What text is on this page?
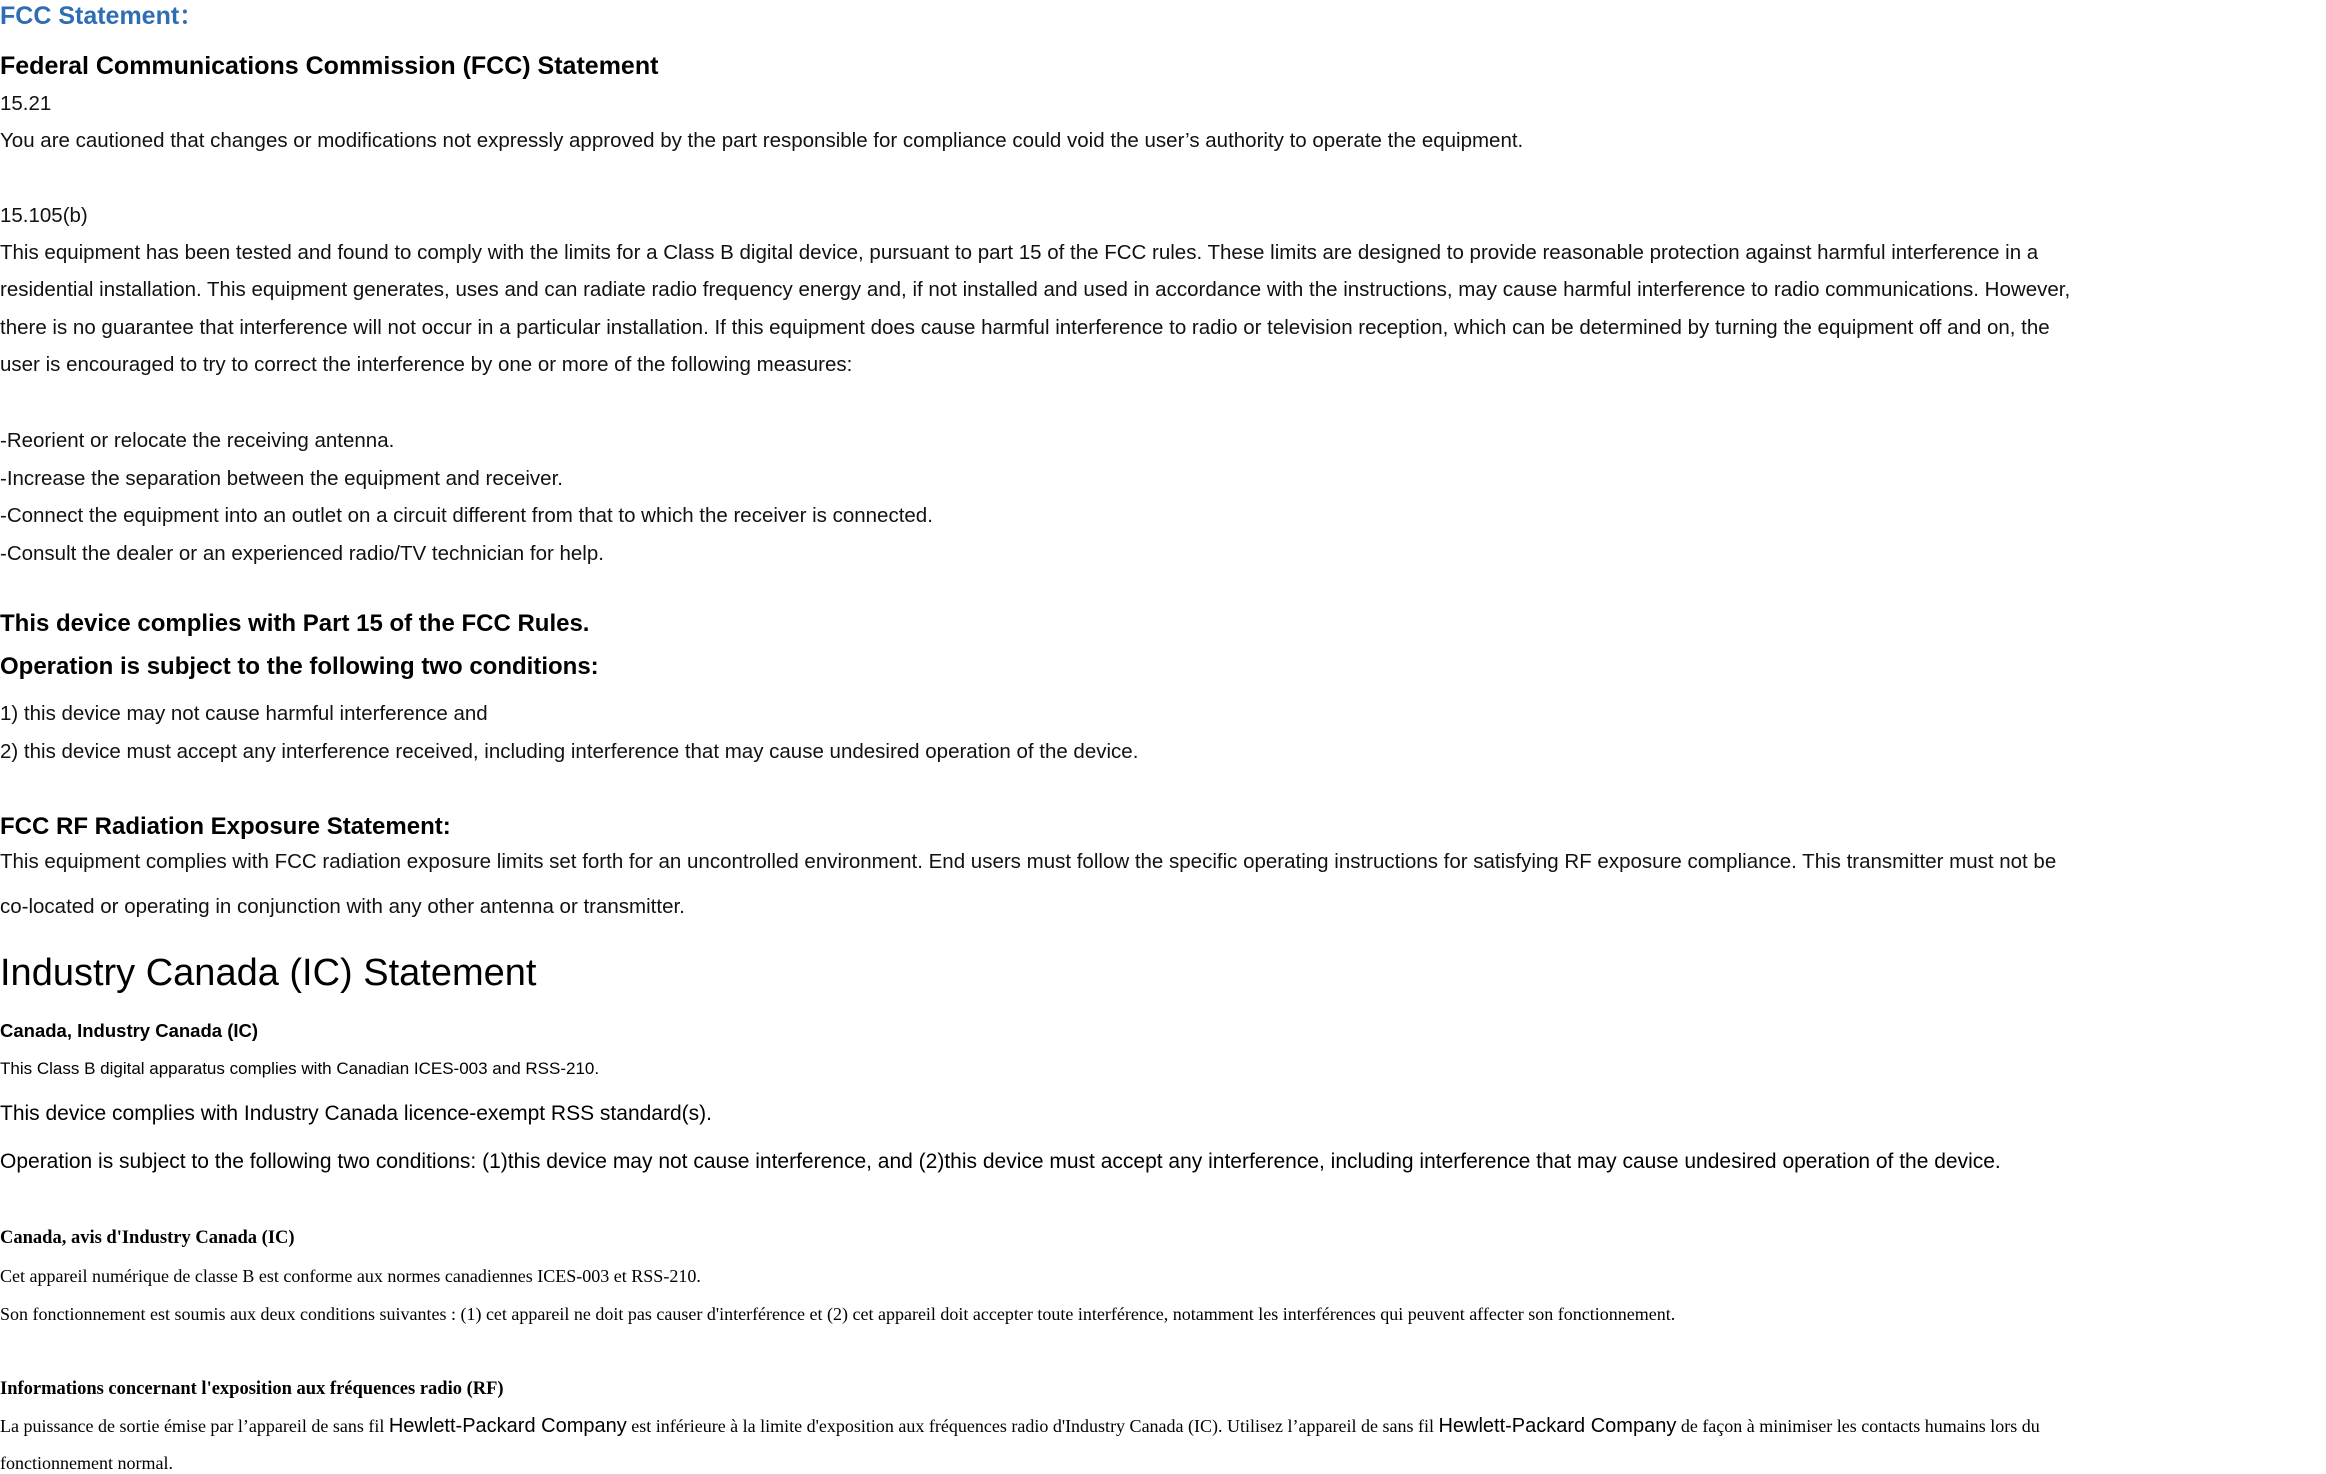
FCC Statement：
Federal Communications Commission (FCC) Statement
15.21
You are cautioned that changes or modifications not expressly approved by the part responsible for compliance could void the user’s authority to operate the equipment.
15.105(b)
This equipment has been tested and found to comply with the limits for a Class B digital device, pursuant to part 15 of the FCC rules. These limits are designed to provide reasonable protection against harmful interference in a
residential installation. This equipment generates, uses and can radiate radio frequency energy and, if not installed and used in accordance with the instructions, may cause harmful interference to radio communications. However,
there is no guarantee that interference will not occur in a particular installation. If this equipment does cause harmful interference to radio or television reception, which can be determined by turning the equipment off and on, the
user is encouraged to try to correct the interference by one or more of the following measures:
-Reorient or relocate the receiving antenna.
-Increase the separation between the equipment and receiver.
-Connect the equipment into an outlet on a circuit different from that to which the receiver is connected.
-Consult the dealer or an experienced radio/TV technician for help.
This device complies with Part 15 of the FCC Rules.
Operation is subject to the following two conditions:
1) this device may not cause harmful interference and
2) this device must accept any interference received, including interference that may cause undesired operation of the device.
FCC RF Radiation Exposure Statement:
This equipment complies with FCC radiation exposure limits set forth for an uncontrolled environment. End users must follow the specific operating instructions for satisfying RF exposure compliance. This transmitter must not be
co-located or operating in conjunction with any other antenna or transmitter.
Industry Canada (IC) Statement
Canada, Industry Canada (IC)
This Class B digital apparatus complies with Canadian ICES-003 and RSS-210.
This device complies with Industry Canada licence-exempt RSS standard(s).
Operation is subject to the following two conditions: (1)this device may not cause interference, and (2)this device must accept any interference, including interference that may cause undesired operation of the device.
Canada, avis d'Industry Canada (IC)
Cet appareil numérique de classe B est conforme aux normes canadiennes ICES-003 et RSS-210.
Son fonctionnement est soumis aux deux conditions suivantes : (1) cet appareil ne doit pas causer d'interférence et (2) cet appareil doit accepter toute interférence, notamment les interférences qui peuvent affecter son fonctionnement.
Informations concernant l'exposition aux fréquences radio (RF)
La puissance de sortie émise par l’appareil de sans fil Hewlett-Packard Company est inférieure à la limite d'exposition aux fréquences radio d'Industry Canada (IC). Utilisez l’appareil de sans fil Hewlett-Packard Company de façon à minimiser les contacts humains lors du
fonctionnement normal.
